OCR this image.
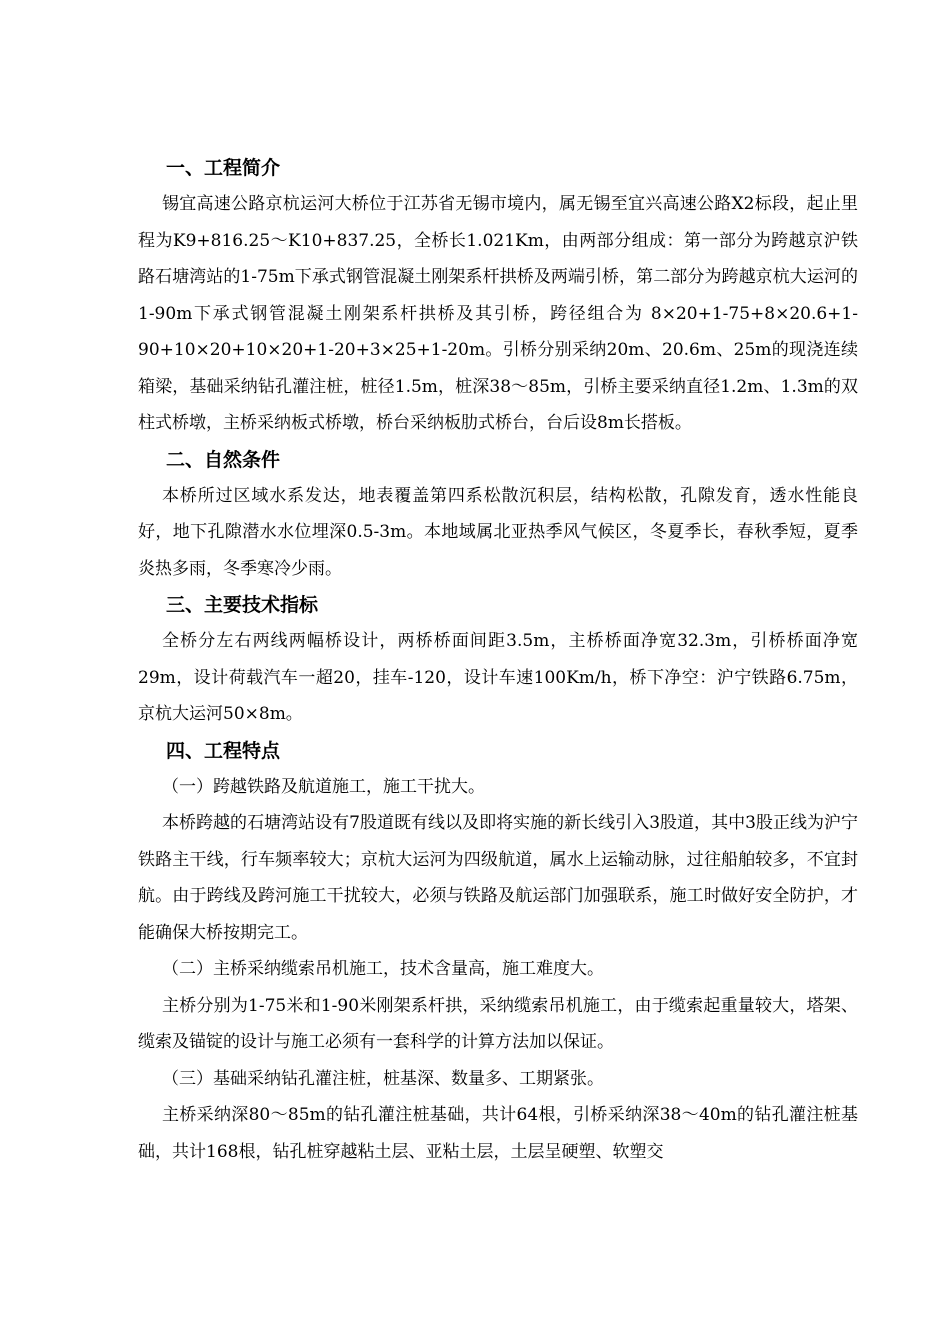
一、工程简介

锡宜高速公路京杭运河大桥位于江苏省无锡市境内，属无锡至宜兴高速公路X2标段，起止里程为K9+816.25～K10+837.25，全桥长1.021Km，由两部分组成：第一部分为跨越京沪铁路石塘湾站的1-75m下承式钢管混凝土刚架系杆拱桥及两端引桥，第二部分为跨越京杭大运河的1-90m下承式钢管混凝土刚架系杆拱桥及其引桥，跨径组合为 8×20+1-75+8×20.6+1-90+10×20+10×20+1-20+3×25+1-20m。引桥分别采纳20m、20.6m、25m的现浇连续箱梁，基础采纳钻孔灌注桩，桩径1.5m，桩深38～85m，引桥主要采纳直径1.2m、1.3m的双柱式桥墩，主桥采纳板式桥墩，桥台采纳板肋式桥台，台后设8m长搭板。

二、自然条件

本桥所过区域水系发达，地表覆盖第四系松散沉积层，结构松散，孔隙发育，透水性能良好，地下孔隙潜水水位埋深0.5-3m。本地域属北亚热季风气候区，冬夏季长，春秋季短，夏季炎热多雨，冬季寒冷少雨。

三、主要技术指标

全桥分左右两线两幅桥设计，两桥桥面间距3.5m，主桥桥面净宽32.3m，引桥桥面净宽29m，设计荷载汽车一超20，挂车-120，设计车速100Km/h，桥下净空：沪宁铁路6.75m，京杭大运河50×8m。

四、工程特点

（一）跨越铁路及航道施工，施工干扰大。

本桥跨越的石塘湾站设有7股道既有线以及即将实施的新长线引入3股道，其中3股正线为沪宁铁路主干线，行车频率较大；京杭大运河为四级航道，属水上运输动脉，过往船舶较多，不宜封航。由于跨线及跨河施工干扰较大，必须与铁路及航运部门加强联系，施工时做好安全防护，才能确保大桥按期完工。

（二）主桥采纳缆索吊机施工，技术含量高，施工难度大。

主桥分别为1-75米和1-90米刚架系杆拱，采纳缆索吊机施工，由于缆索起重量较大，塔架、缆索及锚锭的设计与施工必须有一套科学的计算方法加以保证。

（三）基础采纳钻孔灌注桩，桩基深、数量多、工期紧张。

主桥采纳深80～85m的钻孔灌注桩基础，共计64根，引桥采纳深38～40m的钻孔灌注桩基础，共计168根，钻孔桩穿越粘土层、亚粘土层，土层呈硬塑、软塑交
